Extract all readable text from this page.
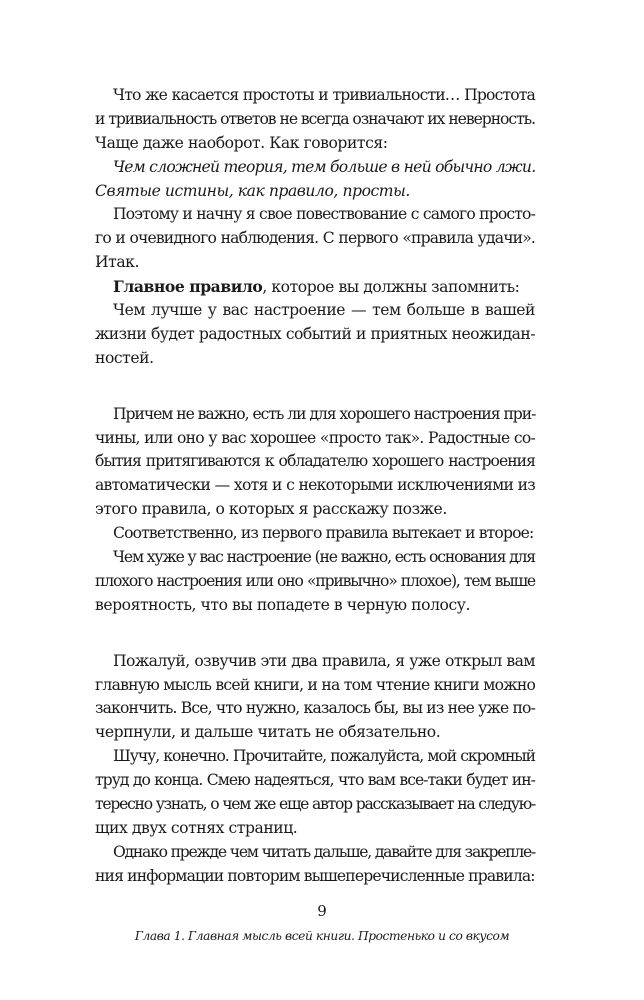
Что же касается простоты и тривиальности… Простота
и тривиальность ответов не всегда означают их неверность.
Чаще даже наоборот. Как говорится:
Чем сложней теория, тем больше в ней обычно лжи.
Святые истины, как правило, просты.
Поэтому и начну я свое повествование с самого просто-
го и очевидного наблюдения. С первого «правила удачи».
Итак.
Главное правило, которое вы должны запомнить:
Чем лучше у вас настроение — тем больше в вашей
жизни будет радостных событий и приятных неожидан-
ностей.
Причем не важно, есть ли для хорошего настроения при-
чины, или оно у вас хорошее «просто так». Радостные со-
бытия притягиваются к обладателю хорошего настроения
автоматически — хотя и с некоторыми исключениями из
этого правила, о которых я расскажу позже.
Соответственно, из первого правила вытекает и второе:
Чем хуже у вас настроение (не важно, есть основания для
плохого настроения или оно «привычно» плохое), тем выше
вероятность, что вы попадете в черную полосу.
Пожалуй, озвучив эти два правила, я уже открыл вам
главную мысль всей книги, и на том чтение книги можно
закончить. Все, что нужно, казалось бы, вы из нее уже по-
черпнули, и дальше читать не обязательно.
Шучу, конечно. Прочитайте, пожалуйста, мой скромный
труд до конца. Смею надеяться, что вам все-таки будет ин-
тересно узнать, о чем же еще автор рассказывает на следую-
щих двух сотнях страниц.
Однако прежде чем читать дальше, давайте для закрепле-
ния информации повторим вышеперечисленные правила:
9
Глава 1. Главная мысль всей книги. Простенько и со вкусом
